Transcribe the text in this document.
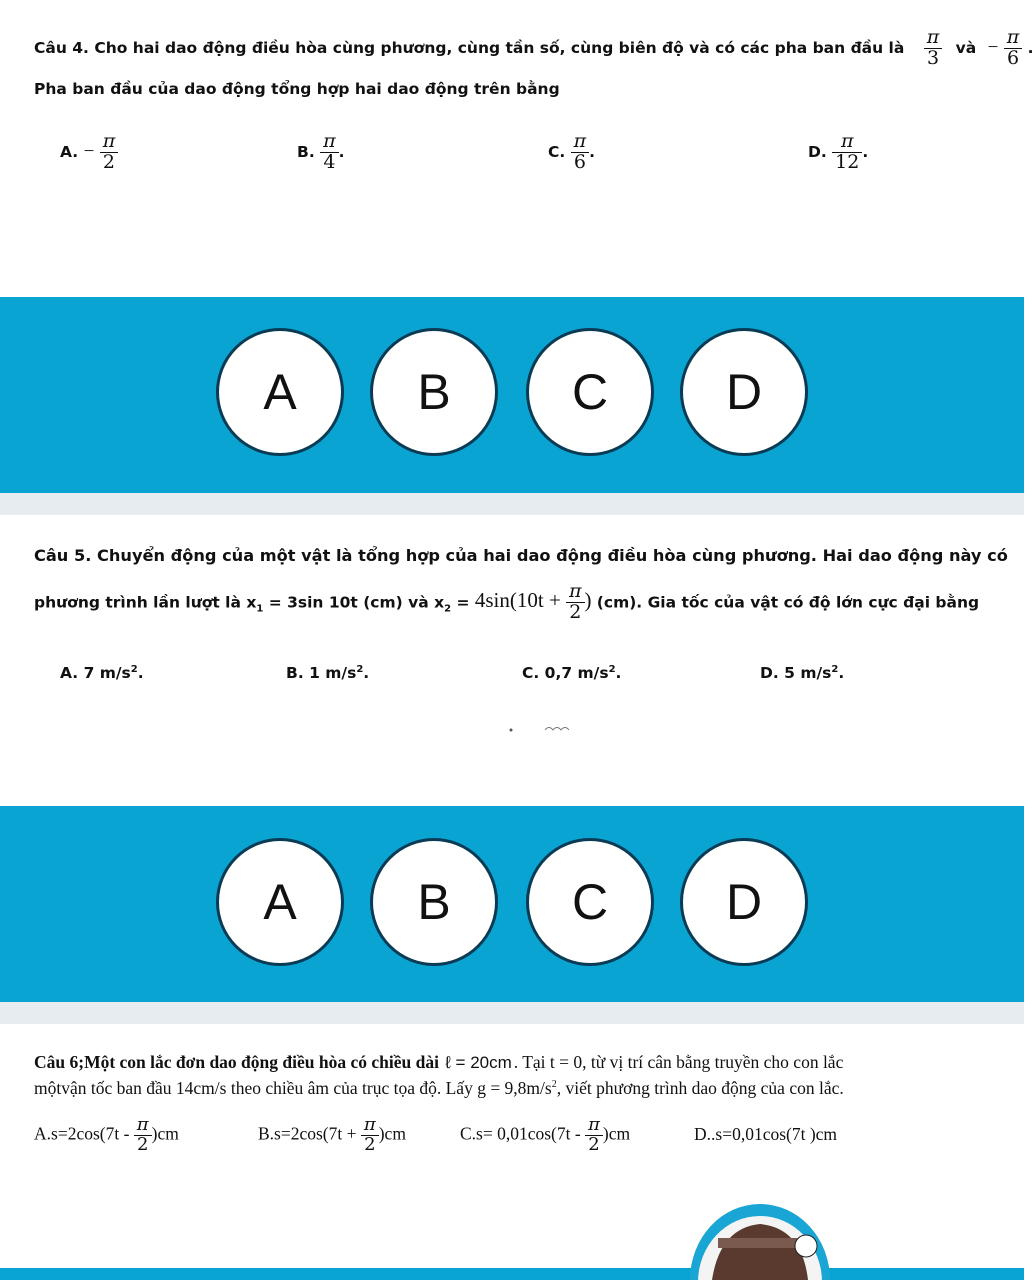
Câu 4. Cho hai dao động điều hòa cùng phương, cùng tần số, cùng biên độ và có các pha ban đầu là $\frac{\pi}{3}$ và − $\frac{\pi}{6}$ .
Pha ban đầu của dao động tổng hợp hai dao động trên bằng
A. − $\frac{\pi}{2}$	B. $\frac{\pi}{4}$ .	C. $\frac{\pi}{6}$ .	D. $\frac{\pi}{12}$ .
A	B	C	D
Câu 5. Chuyển động của một vật là tổng hợp của hai dao động điều hòa cùng phương. Hai dao động này có
phương trình lần lượt là $x_1 = 3\sin$ 10t (cm) và $x_2 = 4\sin(10t + \frac{\pi}{2}$ ) (cm). Gia tốc của vật có độ lớn cực đại bằng
A. 7 $m/s^2$.	B. 1 $m/s^2$.	C. 0,7 $m/s^2$.	D. 5 $m/s^2$.
A	B	C	D
Câu 6;Một con lắc đơn dao động điều hòa có chiều dài ℓ = 20cm . Tại t = 0, từ vị trí cân bằng truyền cho con lắc
mộtvận tốc ban đầu 14cm/s theo chiều âm của trục tọa độ. Lấy $g = 9,8m/s^2$, viết phương trình dao động của con lắc.
$A.s=2\cos(7t - \frac{\pi}{2} )cm$	$B.s=2\cos(7t + \frac{\pi}{2} )cm$	$C.s= 0,01\cos(7t - \frac{\pi}{2} )cm$	D..s=0,01cos(7t )cm
